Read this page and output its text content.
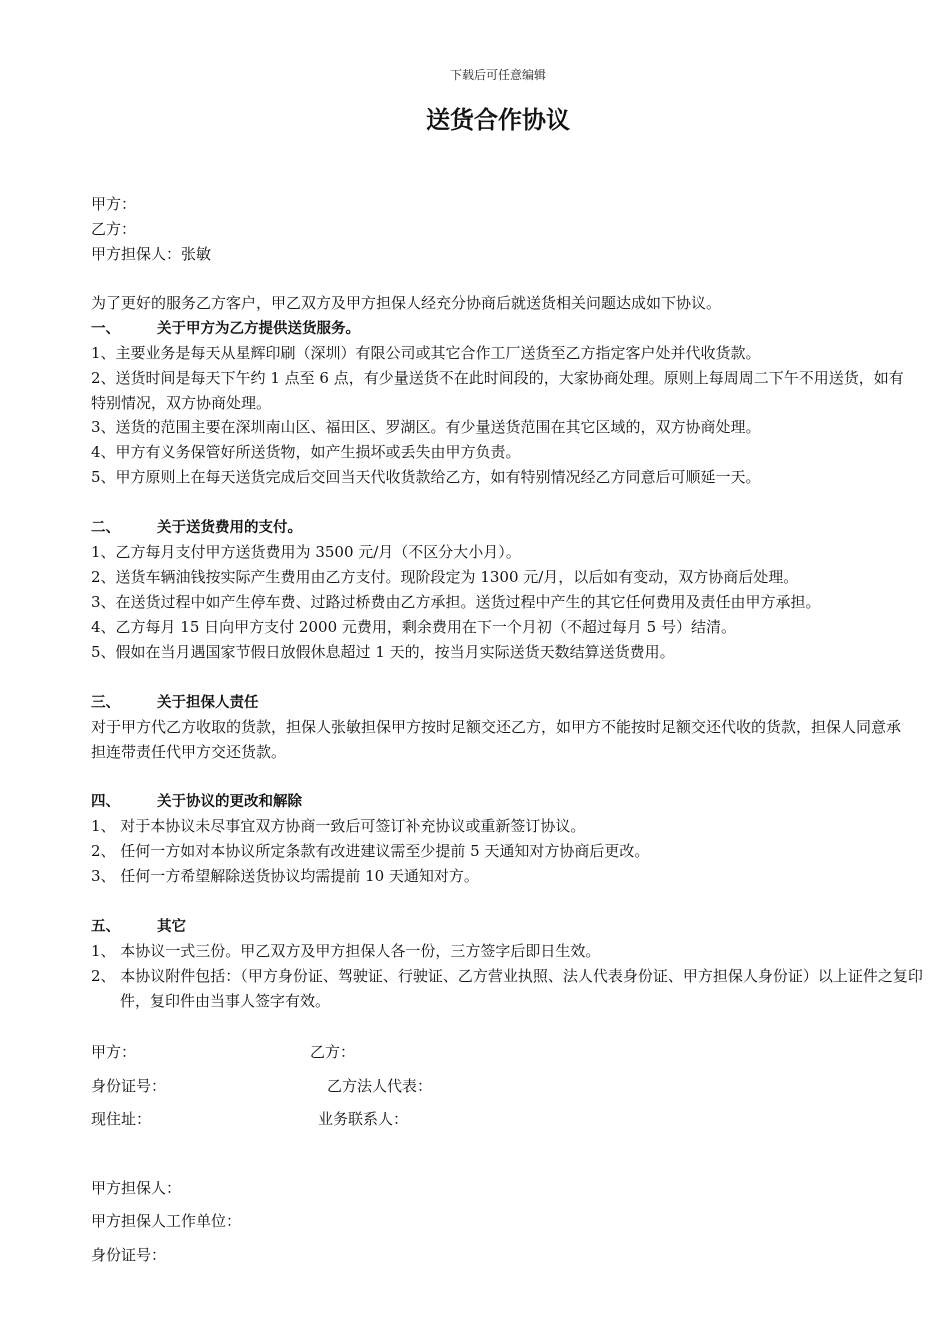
下载后可任意编辑
送货合作协议
甲方：
乙方：
甲方担保人：张敏
为了更好的服务乙方客户，甲乙双方及甲方担保人经充分协商后就送货相关问题达成如下协议。
一、	关于甲方为乙方提供送货服务。
1、主要业务是每天从星辉印刷（深圳）有限公司或其它合作工厂送货至乙方指定客户处并代收货款。
2、送货时间是每天下午约 1 点至 6 点，有少量送货不在此时间段的，大家协商处理。原则上每周周二下午不用送货，如有特别情况，双方协商处理。
3、送货的范围主要在深圳南山区、福田区、罗湖区。有少量送货范围在其它区域的，双方协商处理。
4、甲方有义务保管好所送货物，如产生损坏或丢失由甲方负责。
5、甲方原则上在每天送货完成后交回当天代收货款给乙方，如有特别情况经乙方同意后可顺延一天。
二、	关于送货费用的支付。
1、乙方每月支付甲方送货费用为 3500 元/月（不区分大小月）。
2、送货车辆油钱按实际产生费用由乙方支付。现阶段定为 1300 元/月，以后如有变动，双方协商后处理。
3、在送货过程中如产生停车费、过路过桥费由乙方承担。送货过程中产生的其它任何费用及责任由甲方承担。
4、乙方每月 15 日向甲方支付 2000 元费用，剩余费用在下一个月初（不超过每月 5 号）结清。
5、假如在当月遇国家节假日放假休息超过 1 天的，按当月实际送货天数结算送货费用。
三、	关于担保人责任
对于甲方代乙方收取的货款，担保人张敏担保甲方按时足额交还乙方，如甲方不能按时足额交还代收的货款，担保人同意承担连带责任代甲方交还货款。
四、	关于协议的更改和解除
1、 对于本协议未尽事宜双方协商一致后可签订补充协议或重新签订协议。
2、 任何一方如对本协议所定条款有改进建议需至少提前 5 天通知对方协商后更改。
3、 任何一方希望解除送货协议均需提前 10 天通知对方。
五、	其它
1、 本协议一式三份。甲乙双方及甲方担保人各一份，三方签字后即日生效。
2、 本协议附件包括：（甲方身份证、驾驶证、行驶证、乙方营业执照、法人代表身份证、甲方担保人身份证）以上证件之复印件，复印件由当事人签字有效。
甲方：	乙方：
身份证号：	乙方法人代表：
现住址：	业务联系人：
甲方担保人：
甲方担保人工作单位：
身份证号：
